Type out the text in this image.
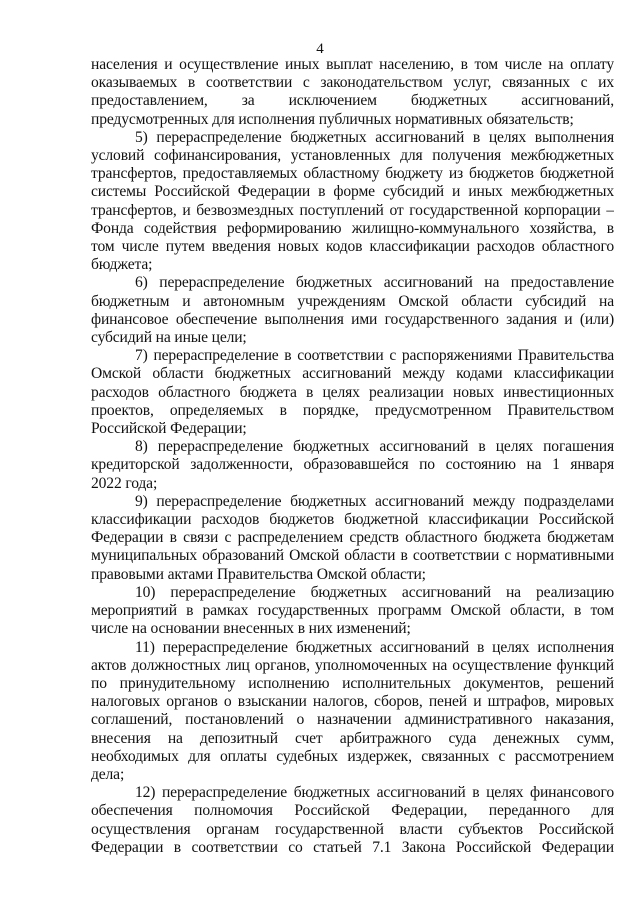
4
населения и осуществление иных выплат населению, в том числе на оплату
оказываемых в соответствии с законодательством услуг, связанных с их
предоставлением, за исключением бюджетных ассигнований,
предусмотренных для исполнения публичных нормативных обязательств;
5) перераспределение бюджетных ассигнований в целях выполнения
условий софинансирования, установленных для получения межбюджетных
трансфертов, предоставляемых областному бюджету из бюджетов бюджетной
системы Российской Федерации в форме субсидий и иных межбюджетных
трансфертов, и безвозмездных поступлений от государственной корпорации –
Фонда содействия реформированию жилищно-коммунального хозяйства, в
том числе путем введения новых кодов классификации расходов областного
бюджета;
6) перераспределение бюджетных ассигнований на предоставление
бюджетным и автономным учреждениям Омской области субсидий на
финансовое обеспечение выполнения ими государственного задания и (или)
субсидий на иные цели;
7) перераспределение в соответствии с распоряжениями Правительства
Омской области бюджетных ассигнований между кодами классификации
расходов областного бюджета в целях реализации новых инвестиционных
проектов, определяемых в порядке, предусмотренном Правительством
Российской Федерации;
8) перераспределение бюджетных ассигнований в целях погашения
кредиторской задолженности, образовавшейся по состоянию на 1 января
2022 года;
9) перераспределение бюджетных ассигнований между подразделами
классификации расходов бюджетов бюджетной классификации Российской
Федерации в связи с распределением средств областного бюджета бюджетам
муниципальных образований Омской области в соответствии с нормативными
правовыми актами Правительства Омской области;
10) перераспределение бюджетных ассигнований на реализацию
мероприятий в рамках государственных программ Омской области, в том
числе на основании внесенных в них изменений;
11) перераспределение бюджетных ассигнований в целях исполнения
актов должностных лиц органов, уполномоченных на осуществление функций
по принудительному исполнению исполнительных документов, решений
налоговых органов о взыскании налогов, сборов, пеней и штрафов, мировых
соглашений, постановлений о назначении административного наказания,
внесения на депозитный счет арбитражного суда денежных сумм,
необходимых для оплаты судебных издержек, связанных с рассмотрением
дела;
12) перераспределение бюджетных ассигнований в целях финансового
обеспечения полномочия Российской Федерации, переданного для
осуществления органам государственной власти субъектов Российской
Федерации в соответствии со статьей 7.1 Закона Российской Федерации
